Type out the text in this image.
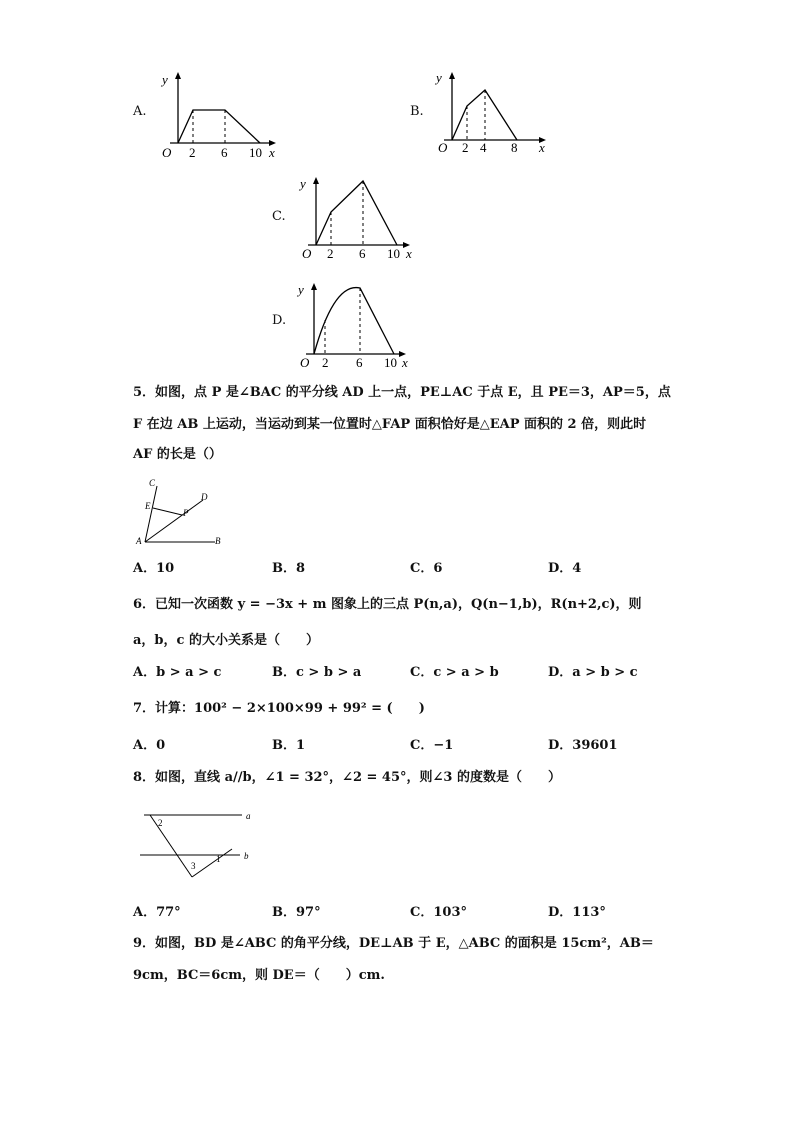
A.
y
O 2 6 10 x
B.
y
O 2 4 8 x
C.
y
O 2 6 10 x
D.
y
O 2 6 10 x
5．如图，点 P 是∠BAC 的平分线 AD 上一点，PE⊥AC 于点 E，且 PE＝3，AP＝5，点
F 在边 AB 上运动，当运动到某一位置时△FAP 面积恰好是△EAP 面积的 2 倍，则此时
AF 的长是（）
C
E
D
P
A	B
A．10	B．8	C．6	D．4
6．已知一次函数 y = −3x + m 图象上的三点 P(n,a)，Q(n−1,b)，R(n+2,c)，则
a，b，c 的大小关系是（　　）
A．b > a > c	B．c > b > a	C．c > a > b	D．a > b > c
7．计算：100² − 2×100×99 + 99² = (　　)
A．0	B．1	C．−1	D．39601
8．如图，直线 a//b，∠1 = 32°，∠2 = 45°，则∠3 的度数是（　　）
a
b
2
3
1
A．77°	B．97°	C．103°	D．113°
9．如图，BD 是∠ABC 的角平分线，DE⊥AB 于 E，△ABC 的面积是 15cm²，AB＝
9cm，BC＝6cm，则 DE＝（　　）cm.
